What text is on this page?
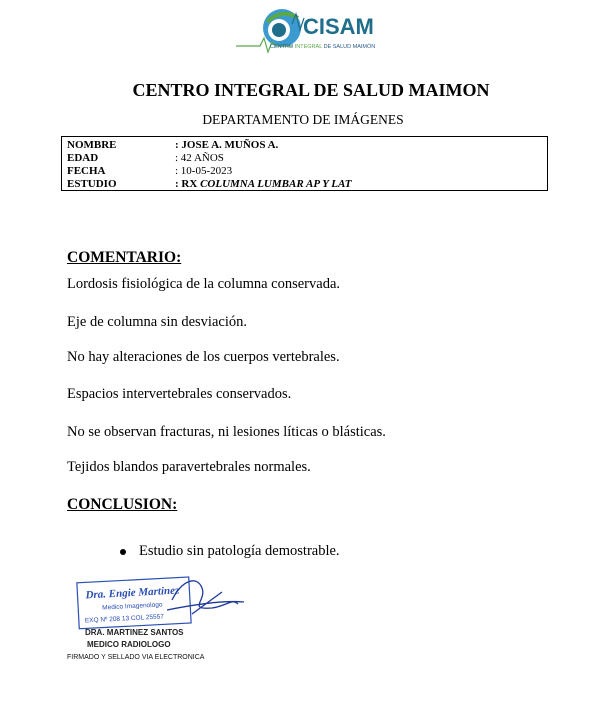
CISAM
CENTRO INTEGRAL DE SALUD MAIMÓN
CENTRO INTEGRAL DE SALUD MAIMON
DEPARTAMENTO DE IMÁGENES
NOMBRE	: JOSE A. MUÑOS A.
EDAD	: 42 AÑOS
FECHA	: 10-05-2023
ESTUDIO	: RX COLUMNA LUMBAR AP Y LAT
COMENTARIO:
Lordosis fisiológica de la columna conservada.
Eje de columna sin desviación.
No hay alteraciones de los cuerpos vertebrales.
Espacios intervertebrales conservados.
No se observan fracturas, ni lesiones líticas o blásticas.
Tejidos blandos paravertebrales normales.
CONCLUSION:
Estudio sin patología demostrable.
Dra. Engie Martinez
Medico Imagenologo
EXQ Nº 208 13 COL 25557
DRA. MARTINEZ SANTOS
MEDICO RADIOLOGO
FIRMADO Y SELLADO VIA ELECTRONICA
